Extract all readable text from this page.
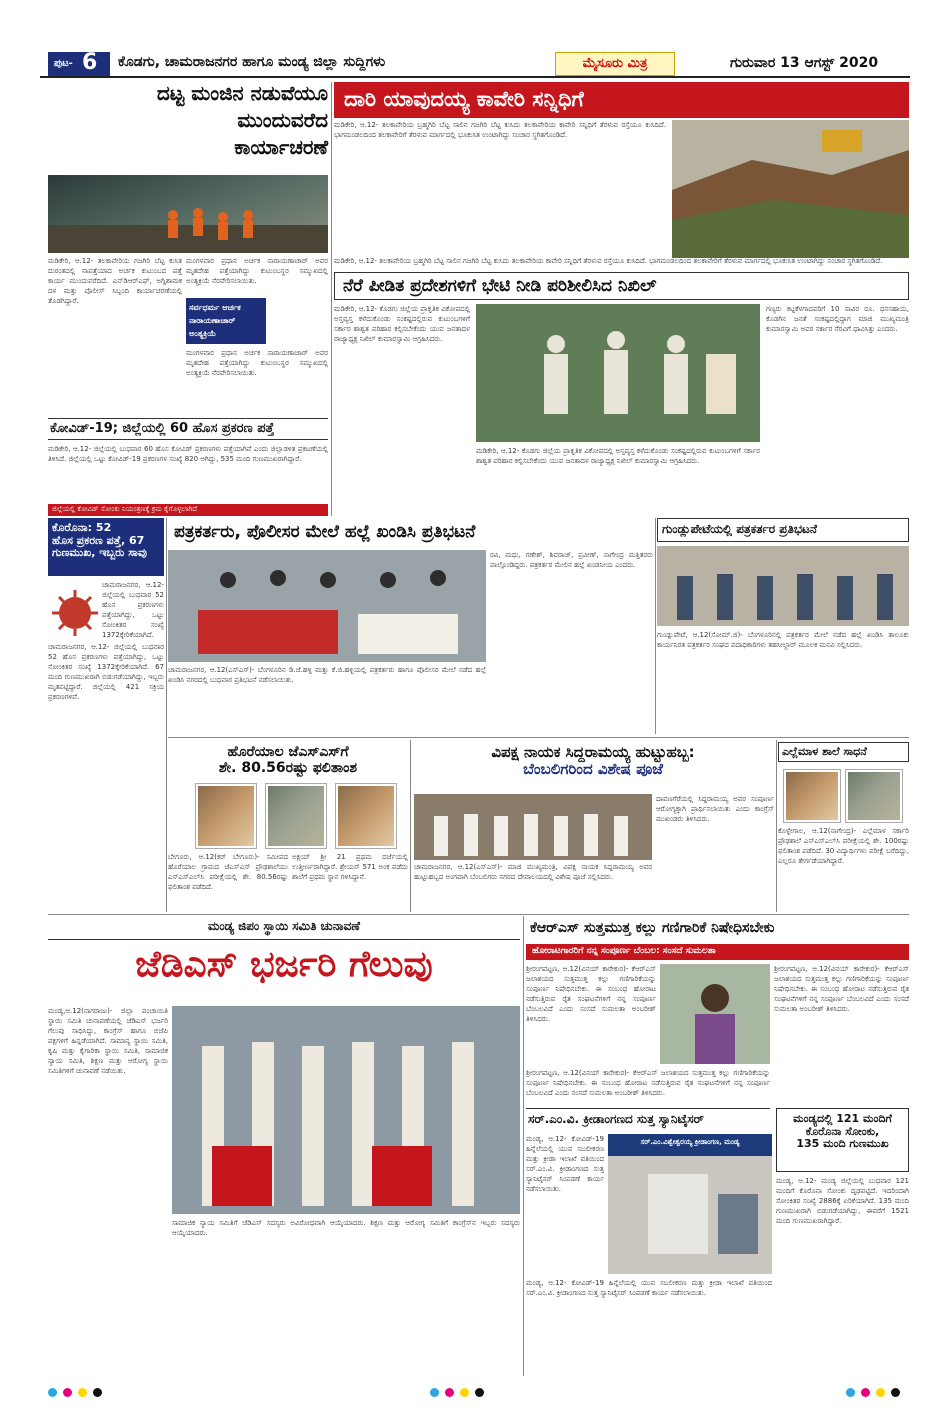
ಪುಟ- 6 ಕೊಡಗು, ಚಾಮರಾಜನಗರ ಹಾಗೂ ಮಂಡ್ಯ ಜಿಲ್ಲಾ ಸುದ್ದಿಗಳು	ಮೈಸೂರು ಮಿತ್ರ	ಗುರುವಾರ 13 ಆಗಸ್ಟ್ 2020
ದಟ್ಟ ಮಂಜಿನ ನಡುವೆಯೂ
ಮುಂದುವರೆದ
ಕಾರ್ಯಾಚರಣೆ
ಮಡಿಕೇರಿ, ಆ.12- ತಲಕಾವೇರಿಯ ಗಜಗಿರಿ ಬೆಟ್ಟ ಕುಸಿತ ದುರಂತದಲ್ಲಿ ನಾಪತ್ತೆಯಾದ ಅರ್ಚಕ ಕುಟುಂಬದ ಪತ್ತೆ ಕಾರ್ಯ ಮುಂದುವರೆದಿದೆ. ಎನ್‌ಡಿಆರ್‌ಎಫ್, ಅಗ್ನಿಶಾಮಕ ದಳ ಮತ್ತು ಪೊಲೀಸ್ ಸಿಬ್ಬಂದಿ ಕಾರ್ಯಾಚರಣೆಯಲ್ಲಿ ತೊಡಗಿದ್ದಾರೆ.
ಮಂಗಳವಾರ ಪ್ರಧಾನ ಅರ್ಚಕ ನಾರಾಯಣಾಚಾರ್ ಅವರ ಮೃತದೇಹ ಪತ್ತೆಯಾಗಿದ್ದು ಕುಟುಂಬಸ್ಥರ ಸಮ್ಮುಖದಲ್ಲಿ ಅಂತ್ಯಕ್ರಿಯೆ ನೆರವೇರಿಸಲಾಯಿತು.
ಸರ್ವಧರ್ಮ ಆರ್ಚಕ
ನಾರಾಯಣಾಚಾರ್
ಅಂತ್ಯಕ್ರಿಯೆ
ಮಂಗಳವಾರ ಪ್ರಧಾನ ಅರ್ಚಕ ನಾರಾಯಣಾಚಾರ್ ಅವರ ಮೃತದೇಹ ಪತ್ತೆಯಾಗಿದ್ದು ಕುಟುಂಬಸ್ಥರ ಸಮ್ಮುಖದಲ್ಲಿ ಅಂತ್ಯಕ್ರಿಯೆ ನೆರವೇರಿಸಲಾಯಿತು.
ದಾರಿ ಯಾವುದಯ್ಯ ಕಾವೇರಿ ಸನ್ನಿಧಿಗೆ
ಮಡಿಕೇರಿ, ಆ.12- ತಲಕಾವೇರಿಯ ಬ್ರಹ್ಮಗಿರಿ ಬೆಟ್ಟ ಸಾಲಿನ ಗಜಗಿರಿ ಬೆಟ್ಟ ಕುಸಿದು ತಲಕಾವೇರಿಯ ಕಾವೇರಿ ಸನ್ನಿಧಿಗೆ ತೆರಳುವ ರಸ್ತೆಯೂ ಕುಸಿದಿದೆ. ಭಾಗಮಂಡಲದಿಂದ ತಲಕಾವೇರಿಗೆ ತೆರಳುವ ಮಾರ್ಗದಲ್ಲಿ ಭೂಕುಸಿತ ಉಂಟಾಗಿದ್ದು ಸಂಚಾರ ಸ್ಥಗಿತಗೊಂಡಿದೆ.
ಮಡಿಕೇರಿ, ಆ.12- ತಲಕಾವೇರಿಯ ಬ್ರಹ್ಮಗಿರಿ ಬೆಟ್ಟ ಸಾಲಿನ ಗಜಗಿರಿ ಬೆಟ್ಟ ಕುಸಿದು ತಲಕಾವೇರಿಯ ಕಾವೇರಿ ಸನ್ನಿಧಿಗೆ ತೆರಳುವ ರಸ್ತೆಯೂ ಕುಸಿದಿದೆ. ಭಾಗಮಂಡಲದಿಂದ ತಲಕಾವೇರಿಗೆ ತೆರಳುವ ಮಾರ್ಗದಲ್ಲಿ ಭೂಕುಸಿತ ಉಂಟಾಗಿದ್ದು ಸಂಚಾರ ಸ್ಥಗಿತಗೊಂಡಿದೆ.
ನೆರೆ ಪೀಡಿತ ಪ್ರದೇಶಗಳಿಗೆ ಭೇಟಿ ನೀಡಿ ಪರಿಶೀಲಿಸಿದ ನಿಖಿಲ್
ಮಡಿಕೇರಿ, ಆ.12- ಕೊಡಗು ಜಿಲ್ಲೆಯ ಪ್ರಾಕೃತಿಕ ವಿಕೋಪದಲ್ಲಿ ಅಸ್ತವ್ಯಸ್ತ ಕಳೆದುಕೊಂಡು ಸಂಕಷ್ಟದಲ್ಲಿರುವ ಕುಟುಂಬಗಳಿಗೆ ಸರ್ಕಾರ ಶಾಶ್ವತ ಪರಿಹಾರ ಕಲ್ಪಿಸಬೇಕೆಂದು ಯುವ ಜನತಾದಳ ರಾಜ್ಯಾಧ್ಯಕ್ಷ ನಿಖಿಲ್ ಕುಮಾರಸ್ವಾಮಿ ಆಗ್ರಹಿಸಿದರು.
ಗಣ್ಯರು ಕಟ್ಟಕೆಳಗಾದವರಿಗೆ 10 ಸಾವಿರ ರೂ. ಧನಸಹಾಯ, ಕೊಡಗಿನ ಜನತೆ ಸಂಕಷ್ಟದಲ್ಲಿದ್ದಾಗ ಮಾಜಿ ಮುಖ್ಯಮಂತ್ರಿ ಕುಮಾರಸ್ವಾಮಿ ಅವರ ಸರ್ಕಾರ ನೆರವಿಗೆ ಧಾವಿಸಿತ್ತು ಎಂದರು.
ಮಡಿಕೇರಿ, ಆ.12- ಕೊಡಗು ಜಿಲ್ಲೆಯ ಪ್ರಾಕೃತಿಕ ವಿಕೋಪದಲ್ಲಿ ಅಸ್ತವ್ಯಸ್ತ ಕಳೆದುಕೊಂಡು ಸಂಕಷ್ಟದಲ್ಲಿರುವ ಕುಟುಂಬಗಳಿಗೆ ಸರ್ಕಾರ ಶಾಶ್ವತ ಪರಿಹಾರ ಕಲ್ಪಿಸಬೇಕೆಂದು ಯುವ ಜನತಾದಳ ರಾಜ್ಯಾಧ್ಯಕ್ಷ ನಿಖಿಲ್ ಕುಮಾರಸ್ವಾಮಿ ಆಗ್ರಹಿಸಿದರು.
ಕೋವಿಡ್-19; ಜಿಲ್ಲೆಯಲ್ಲಿ 60 ಹೊಸ ಪ್ರಕರಣ ಪತ್ತೆ
ಮಡಿಕೇರಿ, ಆ.12- ಜಿಲ್ಲೆಯಲ್ಲಿ ಬುಧವಾರ 60 ಹೊಸ ಕೋವಿಡ್ ಪ್ರಕರಣಗಳು ಪತ್ತೆಯಾಗಿವೆ ಎಂದು ಜಿಲ್ಲಾಡಳಿತ ಪ್ರಕಟಣೆಯಲ್ಲಿ ತಿಳಿಸಿದೆ. ಜಿಲ್ಲೆಯಲ್ಲಿ ಒಟ್ಟು ಕೋವಿಡ್-19 ಪ್ರಕರಣಗಳ ಸಂಖ್ಯೆ 820 ಆಗಿದ್ದು, 535 ಮಂದಿ ಗುಣಮುಖರಾಗಿದ್ದಾರೆ.
ಜಿಲ್ಲೆಯಲ್ಲಿ ಕೋವಿಡ್ ಸೋಂಕು ನಿಯಂತ್ರಣಕ್ಕೆ ಕ್ರಮ ಕೈಗೊಳ್ಳಲಾಗಿದೆ
ಕೊರೊನಾ: 52
ಹೊಸ ಪ್ರಕರಣ ಪತ್ತೆ, 67
ಗುಣಮುಖ, ಇಬ್ಬರು ಸಾವು
ಚಾಮರಾಜನಗರ, ಆ.12- ಜಿಲ್ಲೆಯಲ್ಲಿ ಬುಧವಾರ 52 ಹೊಸ ಪ್ರಕರಣಗಳು ಪತ್ತೆಯಾಗಿದ್ದು, ಒಟ್ಟು ಸೋಂಕಿತರ ಸಂಖ್ಯೆ 1372ಕ್ಕೇರಿಕೆಯಾಗಿದೆ.
ಚಾಮರಾಜನಗರ, ಆ.12- ಜಿಲ್ಲೆಯಲ್ಲಿ ಬುಧವಾರ 52 ಹೊಸ ಪ್ರಕರಣಗಳು ಪತ್ತೆಯಾಗಿದ್ದು, ಒಟ್ಟು ಸೋಂಕಿತರ ಸಂಖ್ಯೆ 1372ಕ್ಕೇರಿಕೆಯಾಗಿದೆ. 67 ಮಂದಿ ಗುಣಮುಖರಾಗಿ ಬಿಡುಗಡೆಯಾಗಿದ್ದು, ಇಬ್ಬರು ಮೃತಪಟ್ಟಿದ್ದಾರೆ. ಜಿಲ್ಲೆಯಲ್ಲಿ 421 ಸಕ್ರಿಯ ಪ್ರಕರಣಗಳಿವೆ.
ಪತ್ರಕರ್ತರು, ಪೊಲೀಸರ ಮೇಲೆ ಹಲ್ಲೆ ಖಂಡಿಸಿ ಪ್ರತಿಭಟನೆ
ರವಿ, ಮಧು, ಗಣೇಶ್, ಶಿವರಾಜ್, ಪ್ರವೀಣ್, ನಾಗೇಂದ್ರ ಮತ್ತಿತರರು ಪಾಲ್ಗೊಂಡಿದ್ದರು. ಪತ್ರಕರ್ತರ ಮೇಲಿನ ಹಲ್ಲೆ ಖಂಡನೀಯ ಎಂದರು.
ಚಾಮರಾಜನಗರ, ಆ.12(ಎಸ್‌ಎಸ್)- ಬೆಂಗಳೂರಿನ ಡಿ.ಜೆ.ಹಳ್ಳಿ ಮತ್ತು ಕೆ.ಜಿ.ಹಳ್ಳಿಯಲ್ಲಿ ಪತ್ರಕರ್ತರು ಹಾಗೂ ಪೊಲೀಸರ ಮೇಲೆ ನಡೆದ ಹಲ್ಲೆ ಖಂಡಿಸಿ ನಗರದಲ್ಲಿ ಬುಧವಾರ ಪ್ರತಿಭಟನೆ ನಡೆಸಲಾಯಿತು.
ಗುಂಡ್ಲುಪೇಟೆಯಲ್ಲಿ ಪತ್ರಕರ್ತರ ಪ್ರತಿಭಟನೆ
ಗುಂಡ್ಲುಪೇಟೆ, ಆ.12(ಸೋಮ್.ಜಿ)- ಬೆಂಗಳೂರಿನಲ್ಲಿ ಪತ್ರಕರ್ತರ ಮೇಲೆ ನಡೆದ ಹಲ್ಲೆ ಖಂಡಿಸಿ ತಾಲೂಕು ಕಾರ್ಯನಿರತ ಪತ್ರಕರ್ತರ ಸಂಘದ ಪದಾಧಿಕಾರಿಗಳು ತಹಸೀಲ್ದಾರ್ ಮೂಲಕ ಮನವಿ ಸಲ್ಲಿಸಿದರು.
ಹೊರೆಯಾಲ ಜೆಎಸ್‌ಎಸ್‌ಗೆ
ಶೇ. 80.56ರಷ್ಟು ಫಲಿತಾಂಶ
ಬೇಗೂರು, ಆ.12(ಕರ್ ಬೇಗೂರು)- ಸಮೀಪದ ಹೊರೆಯಾಲ ಗ್ರಾಮದ ಜೆಎಸ್‌ಎಸ್ ಪ್ರೌಢಶಾಲೆಯು ಎಸ್‌ಎಸ್‌ಎಲ್‌ಸಿ ಪರೀಕ್ಷೆಯಲ್ಲಿ ಶೇ. 80.56ರಷ್ಟು ಫಲಿತಾಂಶ ಪಡೆದಿದೆ.
ಅಕ್ಷಯ್ ಶ್ರೀ 21 ಪ್ರಥಮ ದರ್ಜೆಯಲ್ಲಿ ಉತ್ತೀರ್ಣರಾಗಿದ್ದಾರೆ. ಶ್ರೇಯಸ್ 571 ಅಂಕ ಪಡೆದು ಶಾಲೆಗೆ ಪ್ರಥಮ ಸ್ಥಾನ ಗಳಿಸಿದ್ದಾನೆ.
ವಿಪಕ್ಷ ನಾಯಕ ಸಿದ್ದರಾಮಯ್ಯ ಹುಟ್ಟುಹಬ್ಬ:
ಬೆಂಬಲಿಗರಿಂದ ವಿಶೇಷ ಪೂಜೆ
ಚಾಮರಾಜನಗರ, ಆ.12(ಎಸ್‌ಎಸ್)- ಮಾಜಿ ಮುಖ್ಯಮಂತ್ರಿ, ವಿಪಕ್ಷ ನಾಯಕ ಸಿದ್ದರಾಮಯ್ಯ ಅವರ ಹುಟ್ಟುಹಬ್ಬದ ಅಂಗವಾಗಿ ಬೆಂಬಲಿಗರು ನಗರದ ದೇವಾಲಯದಲ್ಲಿ ವಿಶೇಷ ಪೂಜೆ ಸಲ್ಲಿಸಿದರು.
ದಾವಣಗೆರೆಯಲ್ಲಿ ಸಿದ್ದರಾಮಯ್ಯ ಅವರ ಸಂಪೂರ್ಣ ಆರೋಗ್ಯಕ್ಕಾಗಿ ಪ್ರಾರ್ಥಿಸಲಾಯಿತು ಎಂದು ಕಾಂಗ್ರೆಸ್ ಮುಖಂಡರು ತಿಳಿಸಿದರು.
ಎಲ್ಲೆಮಾಳ ಶಾಲೆ ಸಾಧನೆ
ಕೊಳ್ಳೇಗಾಲ, ಆ.12(ನಾಗೇಂದ್ರ)- ಎಲ್ಲೆಮಾಳ ಸರ್ಕಾರಿ ಪ್ರೌಢಶಾಲೆ ಎಸ್‌ಎಸ್‌ಎಲ್‌ಸಿ ಪರೀಕ್ಷೆಯಲ್ಲಿ ಶೇ. 100ರಷ್ಟು ಫಲಿತಾಂಶ ಪಡೆದಿದೆ. 30 ವಿದ್ಯಾರ್ಥಿಗಳು ಪರೀಕ್ಷೆ ಬರೆದಿದ್ದು, ಎಲ್ಲರೂ ತೇರ್ಗಡೆಯಾಗಿದ್ದಾರೆ.
ಮಂಡ್ಯ ಜಿಪಂ ಸ್ಥಾಯಿ ಸಮಿತಿ ಚುನಾವಣೆ
ಜೆಡಿಎಸ್ ಭರ್ಜರಿ ಗೆಲುವು
ಮಂಡ್ಯ,ಆ.12(ನಾಗರಾಜು)- ಜಿಲ್ಲಾ ಪಂಚಾಯಿತಿ ಸ್ಥಾಯಿ ಸಮಿತಿ ಚುನಾವಣೆಯಲ್ಲಿ ಜೆಡಿಎಸ್ ಭರ್ಜರಿ ಗೆಲುವು ಸಾಧಿಸಿದ್ದು, ಕಾಂಗ್ರೆಸ್ ಹಾಗೂ ಬಿಜೆಪಿ ಪಕ್ಷಗಳಿಗೆ ಹಿನ್ನಡೆಯಾಗಿದೆ. ಸಾಮಾನ್ಯ ಸ್ಥಾಯಿ ಸಮಿತಿ, ಕೃಷಿ ಮತ್ತು ಕೈಗಾರಿಕಾ ಸ್ಥಾಯಿ ಸಮಿತಿ, ಸಾಮಾಜಿಕ ನ್ಯಾಯ ಸಮಿತಿ, ಶಿಕ್ಷಣ ಮತ್ತು ಆರೋಗ್ಯ ಸ್ಥಾಯಿ ಸಮಿತಿಗಳಿಗೆ ಚುನಾವಣೆ ನಡೆಯಿತು.
ಸಾಮಾಜಿಕ ನ್ಯಾಯ ಸಮಿತಿಗೆ ಜೆಡಿಎಸ್ ಸದಸ್ಯರು ಅವಿರೋಧವಾಗಿ ಆಯ್ಕೆಯಾದರು. ಶಿಕ್ಷಣ ಮತ್ತು ಆರೋಗ್ಯ ಸಮಿತಿಗೆ ಕಾಂಗ್ರೆಸ್‌ನ ಇಬ್ಬರು ಸದಸ್ಯರು ಆಯ್ಕೆಯಾದರು.
ಕೆಆರ್‌ಎಸ್ ಸುತ್ತಮುತ್ತ ಕಲ್ಲು ಗಣಿಗಾರಿಕೆ ನಿಷೇಧಿಸಬೇಕು
ಹೋರಾಟಗಾರರಿಗೆ ನನ್ನ ಸಂಪೂರ್ಣ ಬೆಂಬಲ: ಸಂಸದೆ ಸುಮಲತಾ
ಶ್ರೀರಂಗಪಟ್ಟಣ, ಆ.12(ವಿನಯ್ ಕಾರೇಕುರ)- ಕೆಆರ್‌ಎಸ್ ಜಲಾಶಯದ ಸುತ್ತಮುತ್ತ ಕಲ್ಲು ಗಣಿಗಾರಿಕೆಯನ್ನು ಸಂಪೂರ್ಣ ನಿಷೇಧಿಸಬೇಕು. ಈ ಸಂಬಂಧ ಹೋರಾಟ ನಡೆಸುತ್ತಿರುವ ರೈತ ಸಂಘಟನೆಗಳಿಗೆ ನನ್ನ ಸಂಪೂರ್ಣ ಬೆಂಬಲವಿದೆ ಎಂದು ಸಂಸದೆ ಸುಮಲತಾ ಅಂಬರೀಶ್ ತಿಳಿಸಿದರು.
ಶ್ರೀರಂಗಪಟ್ಟಣ, ಆ.12(ವಿನಯ್ ಕಾರೇಕುರ)- ಕೆಆರ್‌ಎಸ್ ಜಲಾಶಯದ ಸುತ್ತಮುತ್ತ ಕಲ್ಲು ಗಣಿಗಾರಿಕೆಯನ್ನು ಸಂಪೂರ್ಣ ನಿಷೇಧಿಸಬೇಕು. ಈ ಸಂಬಂಧ ಹೋರಾಟ ನಡೆಸುತ್ತಿರುವ ರೈತ ಸಂಘಟನೆಗಳಿಗೆ ನನ್ನ ಸಂಪೂರ್ಣ ಬೆಂಬಲವಿದೆ ಎಂದು ಸಂಸದೆ ಸುಮಲತಾ ಅಂಬರೀಶ್ ತಿಳಿಸಿದರು.
ಶ್ರೀರಂಗಪಟ್ಟಣ, ಆ.12(ವಿನಯ್ ಕಾರೇಕುರ)- ಕೆಆರ್‌ಎಸ್ ಜಲಾಶಯದ ಸುತ್ತಮುತ್ತ ಕಲ್ಲು ಗಣಿಗಾರಿಕೆಯನ್ನು ಸಂಪೂರ್ಣ ನಿಷೇಧಿಸಬೇಕು. ಈ ಸಂಬಂಧ ಹೋರಾಟ ನಡೆಸುತ್ತಿರುವ ರೈತ ಸಂಘಟನೆಗಳಿಗೆ ನನ್ನ ಸಂಪೂರ್ಣ ಬೆಂಬಲವಿದೆ ಎಂದು ಸಂಸದೆ ಸುಮಲತಾ ಅಂಬರೀಶ್ ತಿಳಿಸಿದರು.
ಸರ್.ಎಂ.ವಿ. ಕ್ರೀಡಾಂಗಣದ ಸುತ್ತ ಸ್ಯಾನಿಟೈಸರ್
ಮಂಡ್ಯ, ಆ.12- ಕೋವಿಡ್-19 ಹಿನ್ನೆಲೆಯಲ್ಲಿ ಯುವ ಸಬಲೀಕರಣ ಮತ್ತು ಕ್ರೀಡಾ ಇಲಾಖೆ ವತಿಯಿಂದ ಸರ್.ಎಂ.ವಿ. ಕ್ರೀಡಾಂಗಣದ ಸುತ್ತ ಸ್ಯಾನಿಟೈಸರ್ ಸಿಂಪಡಣೆ ಕಾರ್ಯ ನಡೆಸಲಾಯಿತು.
ಸರ್.ಎಂ.ವಿಶ್ವೇಶ್ವರಯ್ಯ ಕ್ರೀಡಾಂಗಣ, ಮಂಡ್ಯ
ಮಂಡ್ಯ, ಆ.12- ಕೋವಿಡ್-19 ಹಿನ್ನೆಲೆಯಲ್ಲಿ ಯುವ ಸಬಲೀಕರಣ ಮತ್ತು ಕ್ರೀಡಾ ಇಲಾಖೆ ವತಿಯಿಂದ ಸರ್.ಎಂ.ವಿ. ಕ್ರೀಡಾಂಗಣದ ಸುತ್ತ ಸ್ಯಾನಿಟೈಸರ್ ಸಿಂಪಡಣೆ ಕಾರ್ಯ ನಡೆಸಲಾಯಿತು.
ಮಂಡ್ಯದಲ್ಲಿ 121 ಮಂದಿಗೆ
ಕೊರೊನಾ ಸೋಂಕು,
135 ಮಂದಿ ಗುಣಮುಖ
ಮಂಡ್ಯ, ಆ.12- ಮಂಡ್ಯ ಜಿಲ್ಲೆಯಲ್ಲಿ ಬುಧವಾರ 121 ಮಂದಿಗೆ ಕೊರೊನಾ ಸೋಂಕು ದೃಢಪಟ್ಟಿದೆ. ಇದರಿಂದಾಗಿ ಸೋಂಕಿತರ ಸಂಖ್ಯೆ 2886ಕ್ಕೆ ಏರಿಕೆಯಾಗಿದೆ. 135 ಮಂದಿ ಗುಣಮುಖರಾಗಿ ಬಿಡುಗಡೆಯಾಗಿದ್ದು, ಈವರೆಗೆ 1521 ಮಂದಿ ಗುಣಮುಖರಾಗಿದ್ದಾರೆ.
